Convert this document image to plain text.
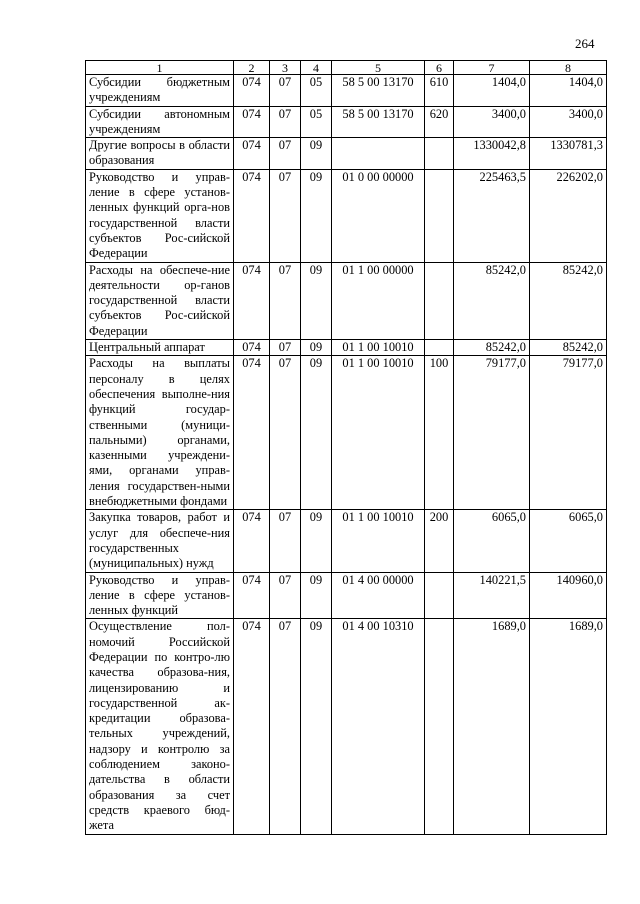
264
1	2	3	4	5	6	7	8
Субсидии бюджетным учреждениям	074	07	05	58 5 00 13170	610	1404,0	1404,0
Субсидии автономным учреждениям	074	07	05	58 5 00 13170	620	3400,0	3400,0
Другие вопросы в области образования	074	07	09			1330042,8	1330781,3
Руководство и управ-ление в сфере установ-ленных функций орга-нов государственной власти субъектов Рос-сийской Федерации	074	07	09	01 0 00 00000		225463,5	226202,0
Расходы на обеспече-ние деятельности ор-ганов государственной власти субъектов Рос-сийской Федерации	074	07	09	01 1 00 00000		85242,0	85242,0
Центральный аппарат	074	07	09	01 1 00 10010		85242,0	85242,0
Расходы на выплаты персоналу в целях обеспечения выполне-ния функций государ-ственными (муници-пальными) органами, казенными учреждени-ями, органами управ-ления государствен-ными внебюджетными фондами	074	07	09	01 1 00 10010	100	79177,0	79177,0
Закупка товаров, работ и услуг для обеспече-ния государственных (муниципальных) нужд	074	07	09	01 1 00 10010	200	6065,0	6065,0
Руководство и управ-ление в сфере установ-ленных функций	074	07	09	01 4 00 00000		140221,5	140960,0
Осуществление пол-номочий Российской Федерации по контро-лю качества образова-ния, лицензированию и государственной ак-кредитации образова-тельных учреждений, надзору и контролю за соблюдением законо-дательства в области образования за счет средств краевого бюд-жета	074	07	09	01 4 00 10310		1689,0	1689,0
